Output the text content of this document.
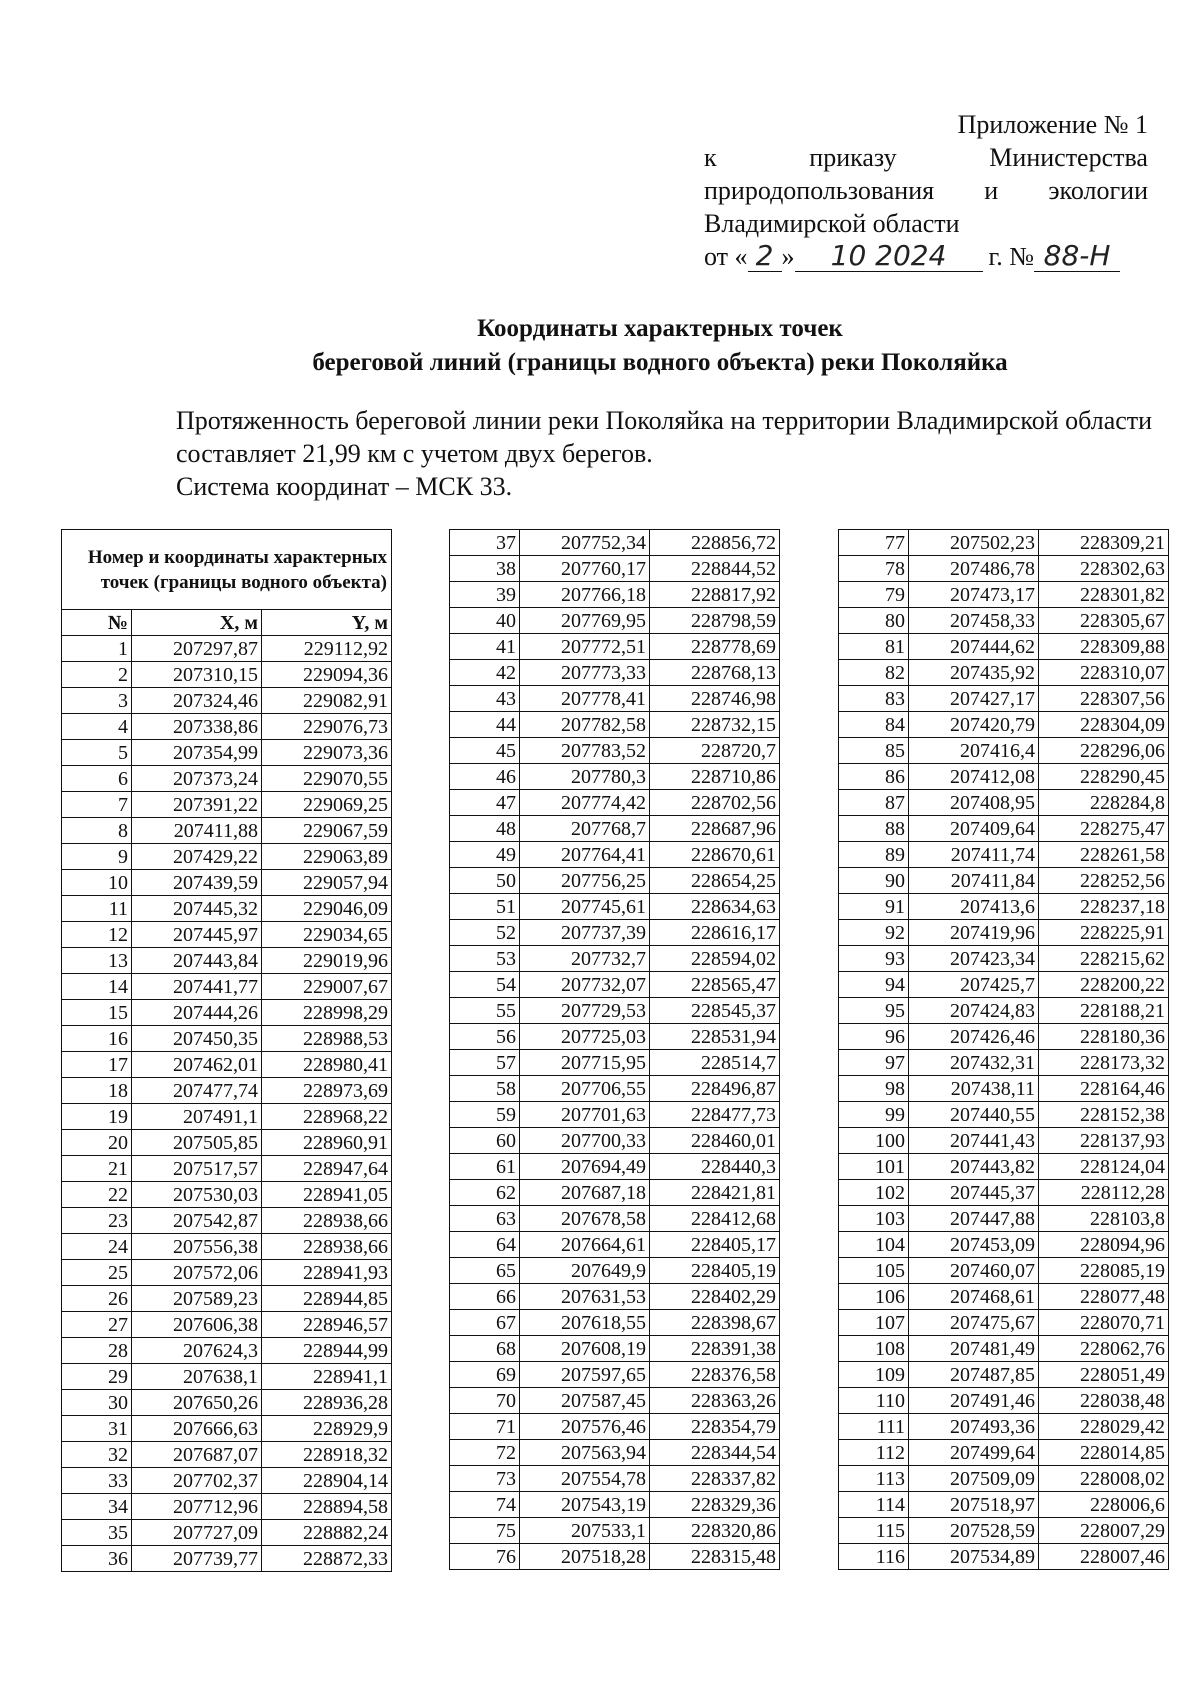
Приложение № 1
к	приказу	Министерства
природопользования и экологии
Владимирской области
от « 2 »	10 2024	г. № 88-Н
Координаты характерных точек
береговой линий (границы водного объекта) реки Поколяйка
Протяженность береговой линии реки Поколяйка на территории Владимирской области составляет 21,99 км с учетом двух берегов.
Система координат – МСК 33.
Номер и координаты характерных точек (границы водного объекта)		
№	X, м	Y, м
1	207297,87	229112,92
2	207310,15	229094,36
3	207324,46	229082,91
4	207338,86	229076,73
5	207354,99	229073,36
6	207373,24	229070,55
7	207391,22	229069,25
8	207411,88	229067,59
9	207429,22	229063,89
10	207439,59	229057,94
11	207445,32	229046,09
12	207445,97	229034,65
13	207443,84	229019,96
14	207441,77	229007,67
15	207444,26	228998,29
16	207450,35	228988,53
17	207462,01	228980,41
18	207477,74	228973,69
19	207491,1	228968,22
20	207505,85	228960,91
21	207517,57	228947,64
22	207530,03	228941,05
23	207542,87	228938,66
24	207556,38	228938,66
25	207572,06	228941,93
26	207589,23	228944,85
27	207606,38	228946,57
28	207624,3	228944,99
29	207638,1	228941,1
30	207650,26	228936,28
31	207666,63	228929,9
32	207687,07	228918,32
33	207702,37	228904,14
34	207712,96	228894,58
35	207727,09	228882,24
36	207739,77	228872,33
37	207752,34	228856,72
38	207760,17	228844,52
39	207766,18	228817,92
40	207769,95	228798,59
41	207772,51	228778,69
42	207773,33	228768,13
43	207778,41	228746,98
44	207782,58	228732,15
45	207783,52	228720,7
46	207780,3	228710,86
47	207774,42	228702,56
48	207768,7	228687,96
49	207764,41	228670,61
50	207756,25	228654,25
51	207745,61	228634,63
52	207737,39	228616,17
53	207732,7	228594,02
54	207732,07	228565,47
55	207729,53	228545,37
56	207725,03	228531,94
57	207715,95	228514,7
58	207706,55	228496,87
59	207701,63	228477,73
60	207700,33	228460,01
61	207694,49	228440,3
62	207687,18	228421,81
63	207678,58	228412,68
64	207664,61	228405,17
65	207649,9	228405,19
66	207631,53	228402,29
67	207618,55	228398,67
68	207608,19	228391,38
69	207597,65	228376,58
70	207587,45	228363,26
71	207576,46	228354,79
72	207563,94	228344,54
73	207554,78	228337,82
74	207543,19	228329,36
75	207533,1	228320,86
76	207518,28	228315,48
77	207502,23	228309,21
78	207486,78	228302,63
79	207473,17	228301,82
80	207458,33	228305,67
81	207444,62	228309,88
82	207435,92	228310,07
83	207427,17	228307,56
84	207420,79	228304,09
85	207416,4	228296,06
86	207412,08	228290,45
87	207408,95	228284,8
88	207409,64	228275,47
89	207411,74	228261,58
90	207411,84	228252,56
91	207413,6	228237,18
92	207419,96	228225,91
93	207423,34	228215,62
94	207425,7	228200,22
95	207424,83	228188,21
96	207426,46	228180,36
97	207432,31	228173,32
98	207438,11	228164,46
99	207440,55	228152,38
100	207441,43	228137,93
101	207443,82	228124,04
102	207445,37	228112,28
103	207447,88	228103,8
104	207453,09	228094,96
105	207460,07	228085,19
106	207468,61	228077,48
107	207475,67	228070,71
108	207481,49	228062,76
109	207487,85	228051,49
110	207491,46	228038,48
111	207493,36	228029,42
112	207499,64	228014,85
113	207509,09	228008,02
114	207518,97	228006,6
115	207528,59	228007,29
116	207534,89	228007,46
